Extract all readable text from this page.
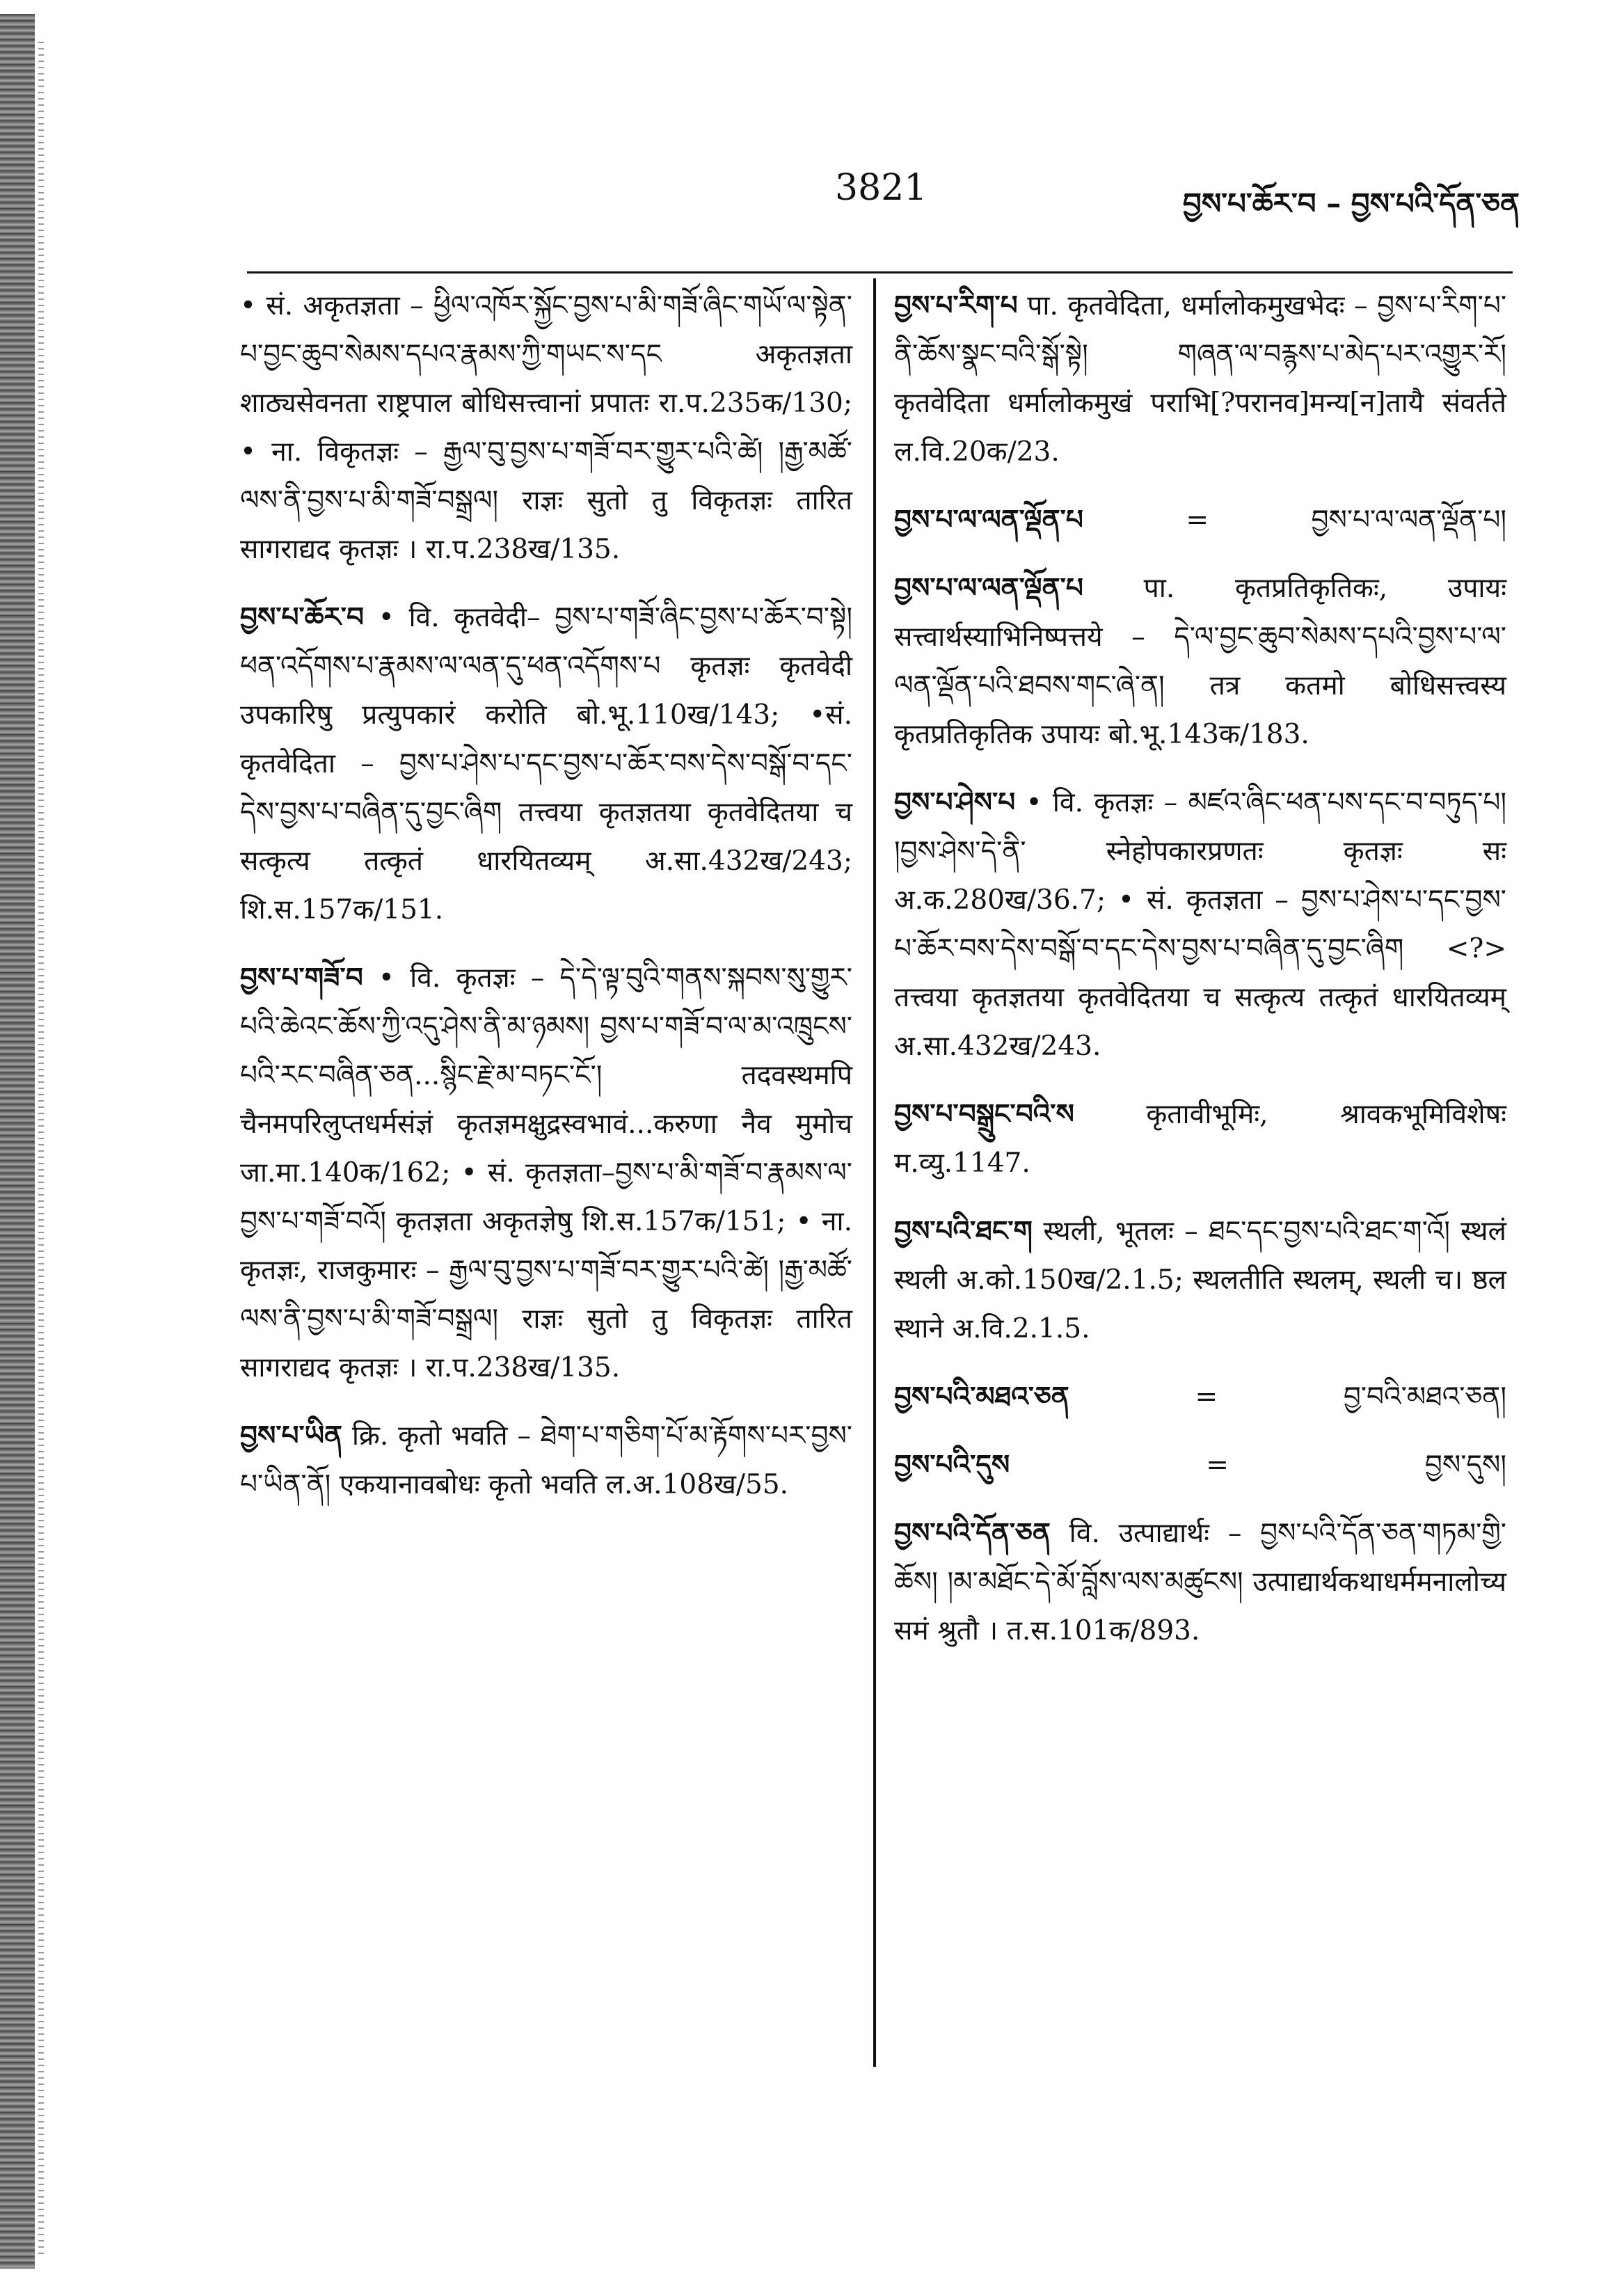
3821	བྱས་པ་ཆོར་བ – བྱས་པའི་དོན་ཅན
• सं. अकृतज्ञता – ཕྱིལ་འཁོར་སྐྱོང་བྱས་པ་མི་གཟོ་ཞིང་གཡོ་ལ་སྟེན་པ་བྱང་ཆུབ་སེམས་དཔའ་རྣམས་ཀྱི་གཡང་ས་དང अकृतज्ञता शाठ्यसेवनता राष्ट्रपाल बोधिसत्त्वानां प्रपातः रा.प.235क/130; • ना. विकृतज्ञः – རྒྱལ་བུ་བྱས་པ་གཟོ་བར་གྱུར་པའི་ཚེ། །རྒྱ་མཚོ་ལས་ནི་བྱས་པ་མི་གཟོ་བསྒྲལ། राज्ञः सुतो तु विकृतज्ञः तारित सागराद्यद कृतज्ञः । रा.प.238ख/135.
བྱས་པ་ཆོར་བ • वि. कृतवेदी– བྱས་པ་གཟོ་ཞིང་བྱས་པ་ཆོར་བ་སྟེ། ཕན་འདོགས་པ་རྣམས་ལ་ལན་དུ་ཕན་འདོགས་པ कृतज्ञः कृतवेदी उपकारिषु प्रत्युपकारं करोति बो.भू.110ख/143; •सं. कृतवेदिता – བྱས་པ་ཤེས་པ་དང་བྱས་པ་ཆོར་བས་དེས་བསྒོ་བ་དང་དེས་བྱས་པ་བཞིན་དུ་བྱང་ཞིག तत्त्वया कृतज्ञतया कृतवेदितया च सत्कृत्य तत्कृतं धारयितव्यम् अ.सा.432ख/243; शि.स.157क/151.
བྱས་པ་གཟོ་བ • वि. कृतज्ञः – དེ་དེ་ལྟ་བུའི་གནས་སྐབས་སུ་གྱུར་པའི་ཆེའང་ཆོས་ཀྱི་འདུ་ཤེས་ནི་མ་ཉམས། བྱས་པ་གཟོ་བ་ལ་མ་འཁྲུངས་པའི་རང་བཞིན་ཅན...སྙིང་རྗེ་མ་བཏང་ངོ་། तदवस्थमपि चैनमपरिलुप्तधर्मसंज्ञं कृतज्ञमक्षुद्रस्वभावं...करुणा नैव मुमोच जा.मा.140क/162; • सं. कृतज्ञता–བྱས་པ་མི་གཟོ་བ་རྣམས་ལ་བྱས་པ་གཟོ་བའོ། कृतज्ञता अकृतज्ञेषु शि.स.157क/151; • ना. कृतज्ञः, राजकुमारः – རྒྱལ་བུ་བྱས་པ་གཟོ་བར་གྱུར་པའི་ཚེ། །རྒྱ་མཚོ་ལས་ནི་བྱས་པ་མི་གཟོ་བསྒྲལ། राज्ञः सुतो तु विकृतज्ञः तारित सागराद्यद कृतज्ञः । रा.प.238ख/135.
བྱས་པ་ཡིན क्रि. कृतो भवति – ཐེག་པ་གཅིག་པོ་མ་རྟོགས་པར་བྱས་པ་ཡིན་ནོ། एकयानावबोधः कृतो भवति ल.अ.108ख/55.
བྱས་པ་རིག་པ पा. कृतवेदिता, धर्मालोकमुखभेदः – བྱས་པ་རིག་པ་ནི་ཆོས་སྣང་བའི་སྒོ་སྟེ། གཞན་ལ་བརྙས་པ་མེད་པར་འགྱུར་རོ། कृतवेदिता धर्मालोकमुखं पराभि[?परानव]मन्य[न]तायै संवर्तते ल.वि.20क/23.
བྱས་པ་ལ་ལན་ལྡོན་པ	=	བྱས་པ་ལ་ལན་ལྡོན་པ།
བྱས་པ་ལ་ལན་ལྡོན་པ पा. कृतप्रतिकृतिकः, उपायः सत्त्वार्थस्याभिनिष्पत्तये – དེ་ལ་བྱང་ཆུབ་སེམས་དཔའི་བྱས་པ་ལ་ལན་ལྡོན་པའི་ཐབས་གང་ཞེ་ན། तत्र कतमो बोधिसत्त्वस्य कृतप्रतिकृतिक उपायः बो.भू.143क/183.
བྱས་པ་ཤེས་པ • वि. कृतज्ञः – མཛའ་ཞིང་ཕན་པས་དང་བ་བཏུད་པ། །བྱས་ཤེས་དེ་ནི་ स्नेहोपकारप्रणतः कृतज्ञः सः अ.क.280ख/36.7; • सं. कृतज्ञता – བྱས་པ་ཤེས་པ་དང་བྱས་པ་ཆོར་བས་དེས་བསྒོ་བ་དང་དེས་བྱས་པ་བཞིན་དུ་བྱང་ཞིག <?> तत्त्वया कृतज्ञतया कृतवेदितया च सत्कृत्य तत्कृतं धारयितव्यम् अ.सा.432ख/243.
བྱས་པ་བསྒྲུང་བའི་ས	कृतावीभूमिः, श्रावकभूमिविशेषः म.व्यु.1147.
བྱས་པའི་ཐང་ག स्थली, भूतलः – ཐང་དང་བྱས་པའི་ཐང་ག་འོ། स्थलं स्थली अ.को.150ख/2.1.5; स्थलतीति स्थलम्, स्थली च। ष्ठल स्थाने अ.वि.2.1.5.
བྱས་པའི་མཐའ་ཅན	=	བྱ་བའི་མཐའ་ཅན།
བྱས་པའི་དུས	=	བྱས་དུས།
བྱས་པའི་དོན་ཅན वि. उत्पाद्यार्थः – བྱས་པའི་དོན་ཅན་གཏམ་གྱི་ཆོས། །མ་མཐོང་དེ་མོ་བློས་ལས་མཚུངས། उत्पाद्यार्थकथाधर्ममनालोच्य समं श्रुतौ । त.स.101क/893.
